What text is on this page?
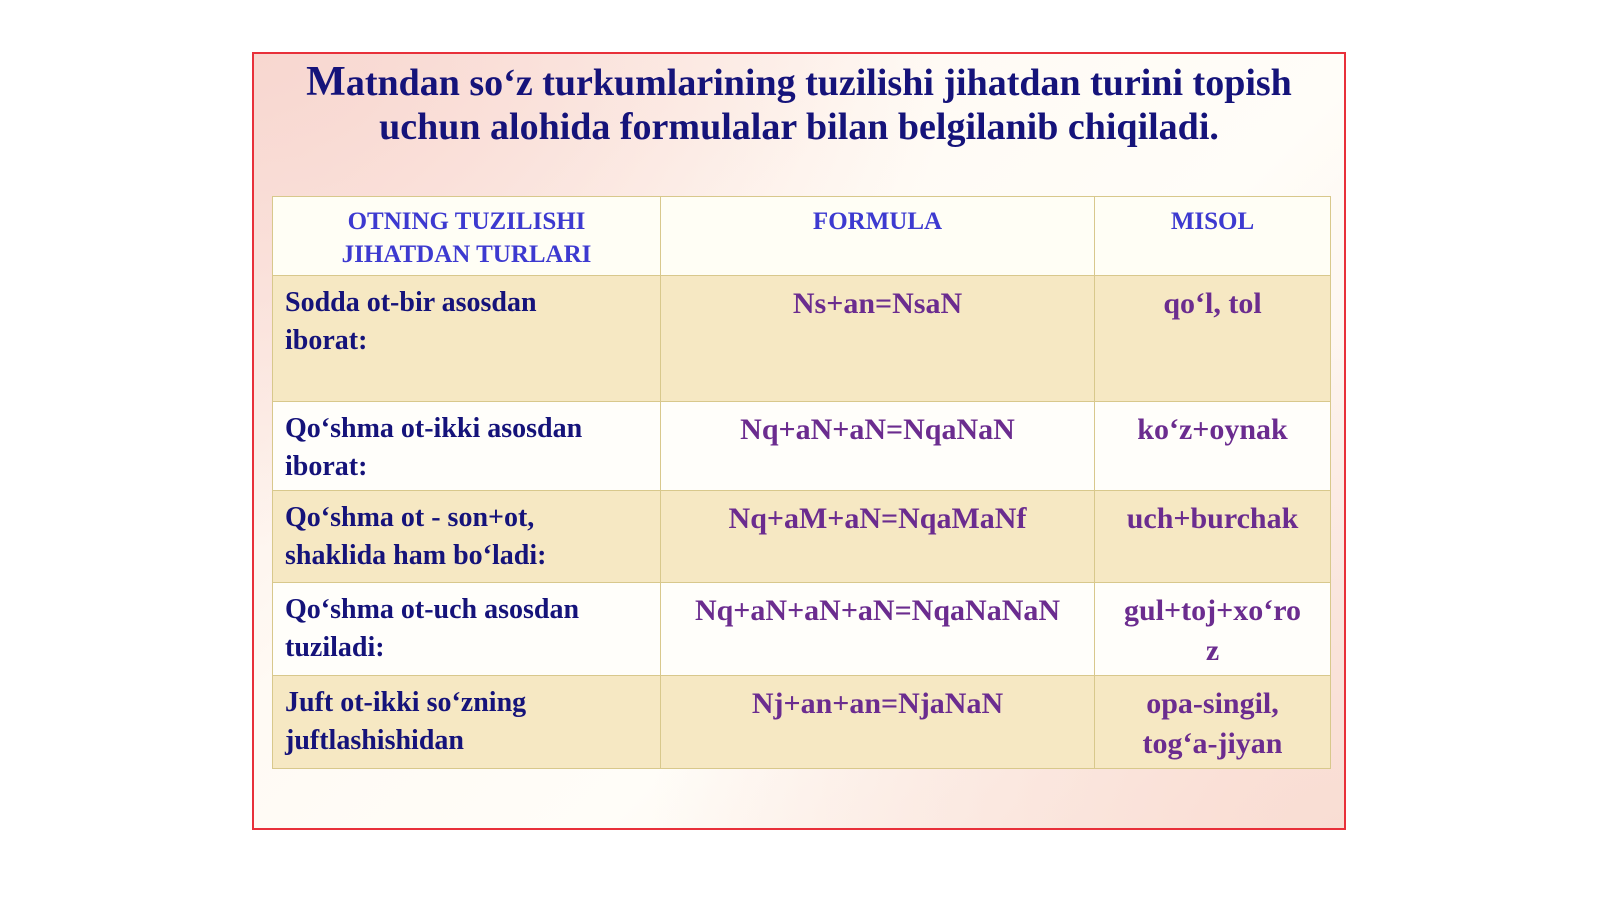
Matndan so‘z turkumlarining tuzilishi jihatdan turini topish
uchun alohida formulalar bilan belgilanib chiqiladi.
OTNING TUZILISHI
JIHATDAN TURLARI	FORMULA	MISOL
Sodda ot-bir asosdan
iborat:	Ns+an=NsaN	qo‘l, tol
Qo‘shma ot-ikki asosdan
iborat:	Nq+aN+aN=NqaNaN	ko‘z+oynak
Qo‘shma ot - son+ot,
shaklida ham bo‘ladi:	Nq+aM+aN=NqaMaNf	uch+burchak
Qo‘shma ot-uch asosdan
tuziladi:	Nq+aN+aN+aN=NqaNaNaN	gul+toj+xo‘ro
z
Juft ot-ikki so‘zning
juftlashishidan	Nj+an+an=NjaNaN	opa-singil,
tog‘a-jiyan
